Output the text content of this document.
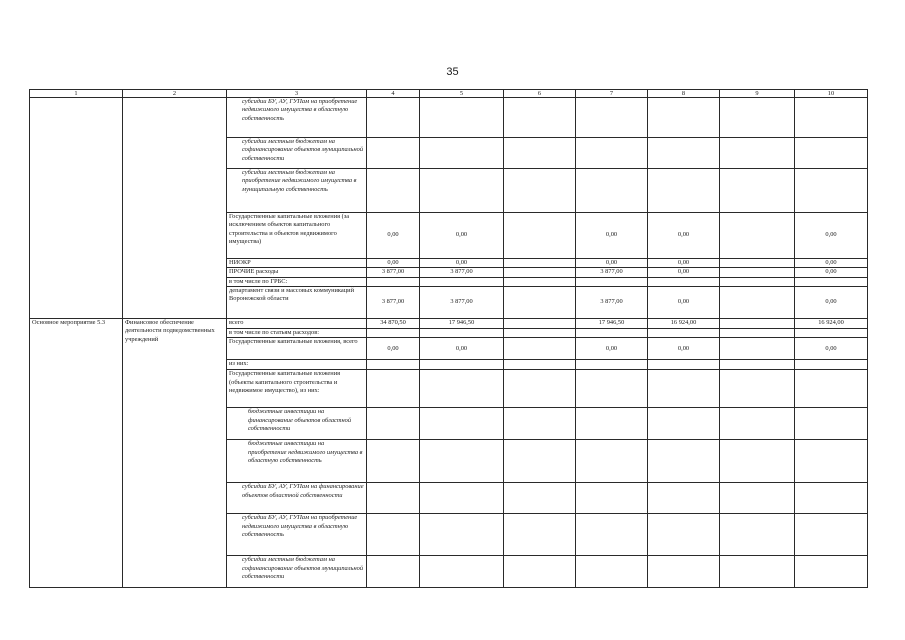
35
1	2	3	4	5	6	7	8	9	10
		субсидии БУ, АУ, ГУПам на приобретение недвижимого имущества в областную собственность							
		субсидии местным бюджетам на софинансирование объектов муниципальной собственности							
		субсидии местным бюджетам на приобретение недвижимого имущества в муниципальную собственность							
		Государственные капитальные вложения (за исключением объектов капитального строительства и объектов недвижимого имущества)	0,00	0,00		0,00	0,00		0,00
		НИОКР	0,00	0,00		0,00	0,00		0,00
		ПРОЧИЕ расходы	3 877,00	3 877,00		3 877,00	0,00		0,00
		в том числе по ГРБС:							
		департамент связи и массовых коммуникаций Воронежской области	3 877,00	3 877,00		3 877,00	0,00		0,00
Основное мероприятие 5.3	Финансовое обеспечение деятельности подведомственных учреждений	всего	34 870,50	17 946,50		17 946,50	16 924,00		16 924,00
		в том числе по статьям расходов:							
		Государственные капитальные вложения, всего	0,00	0,00		0,00	0,00		0,00
		из них:							
		Государственные капитальные вложения (объекты капитального строительства и недвижимое имущество), из них:							
		бюджетные инвестиции на финансирование объектов областной собственности							
		бюджетные инвестиции на приобретение недвижимого имущества в областную собственность							
		субсидии БУ, АУ, ГУПам на финансирование объектов областной собственности							
		субсидии БУ, АУ, ГУПам на приобретение недвижимого имущества в областную собственность							
		субсидии местным бюджетам на софинансирование объектов муниципальной собственности							
